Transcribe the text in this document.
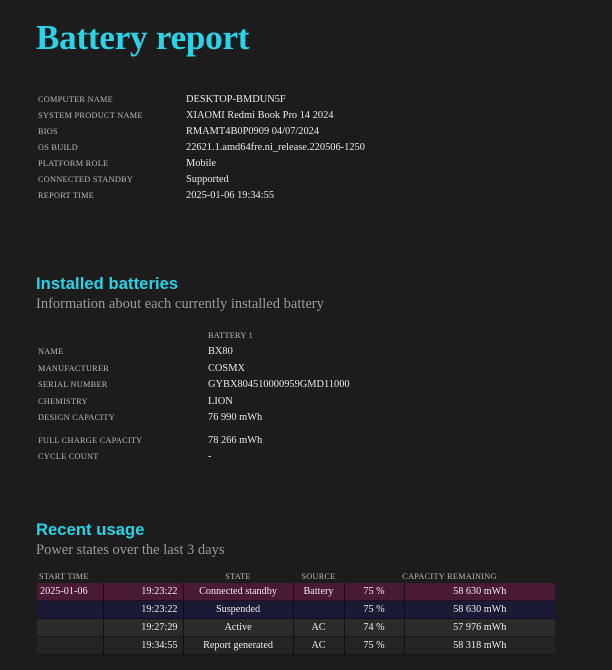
Battery report
COMPUTER NAME	DESKTOP-BMDUN5F
SYSTEM PRODUCT NAME	XIAOMI Redmi Book Pro 14 2024
BIOS	RMAMT4B0P0909 04/07/2024
OS BUILD	22621.1.amd64fre.ni_release.220506-1250
PLATFORM ROLE	Mobile
CONNECTED STANDBY	Supported
REPORT TIME	2025-01-06 19:34:55
Installed batteries
Information about each currently installed battery
	BATTERY 1
NAME	BX80
MANUFACTURER	COSMX
SERIAL NUMBER	GYBX804510000959GMD11000
CHEMISTRY	LION
DESIGN CAPACITY	76 990 mWh

FULL CHARGE CAPACITY	78 266 mWh
CYCLE COUNT	-
Recent usage
Power states over the last 3 days
START TIME		STATE	SOURCE	CAPACITY REMAINING	
2025-01-06	19:23:22	Connected standby	Battery	75 %	58 630 mWh
	19:23:22	Suspended		75 %	58 630 mWh
	19:27:29	Active	AC	74 %	57 976 mWh
	19:34:55	Report generated	AC	75 %	58 318 mWh
